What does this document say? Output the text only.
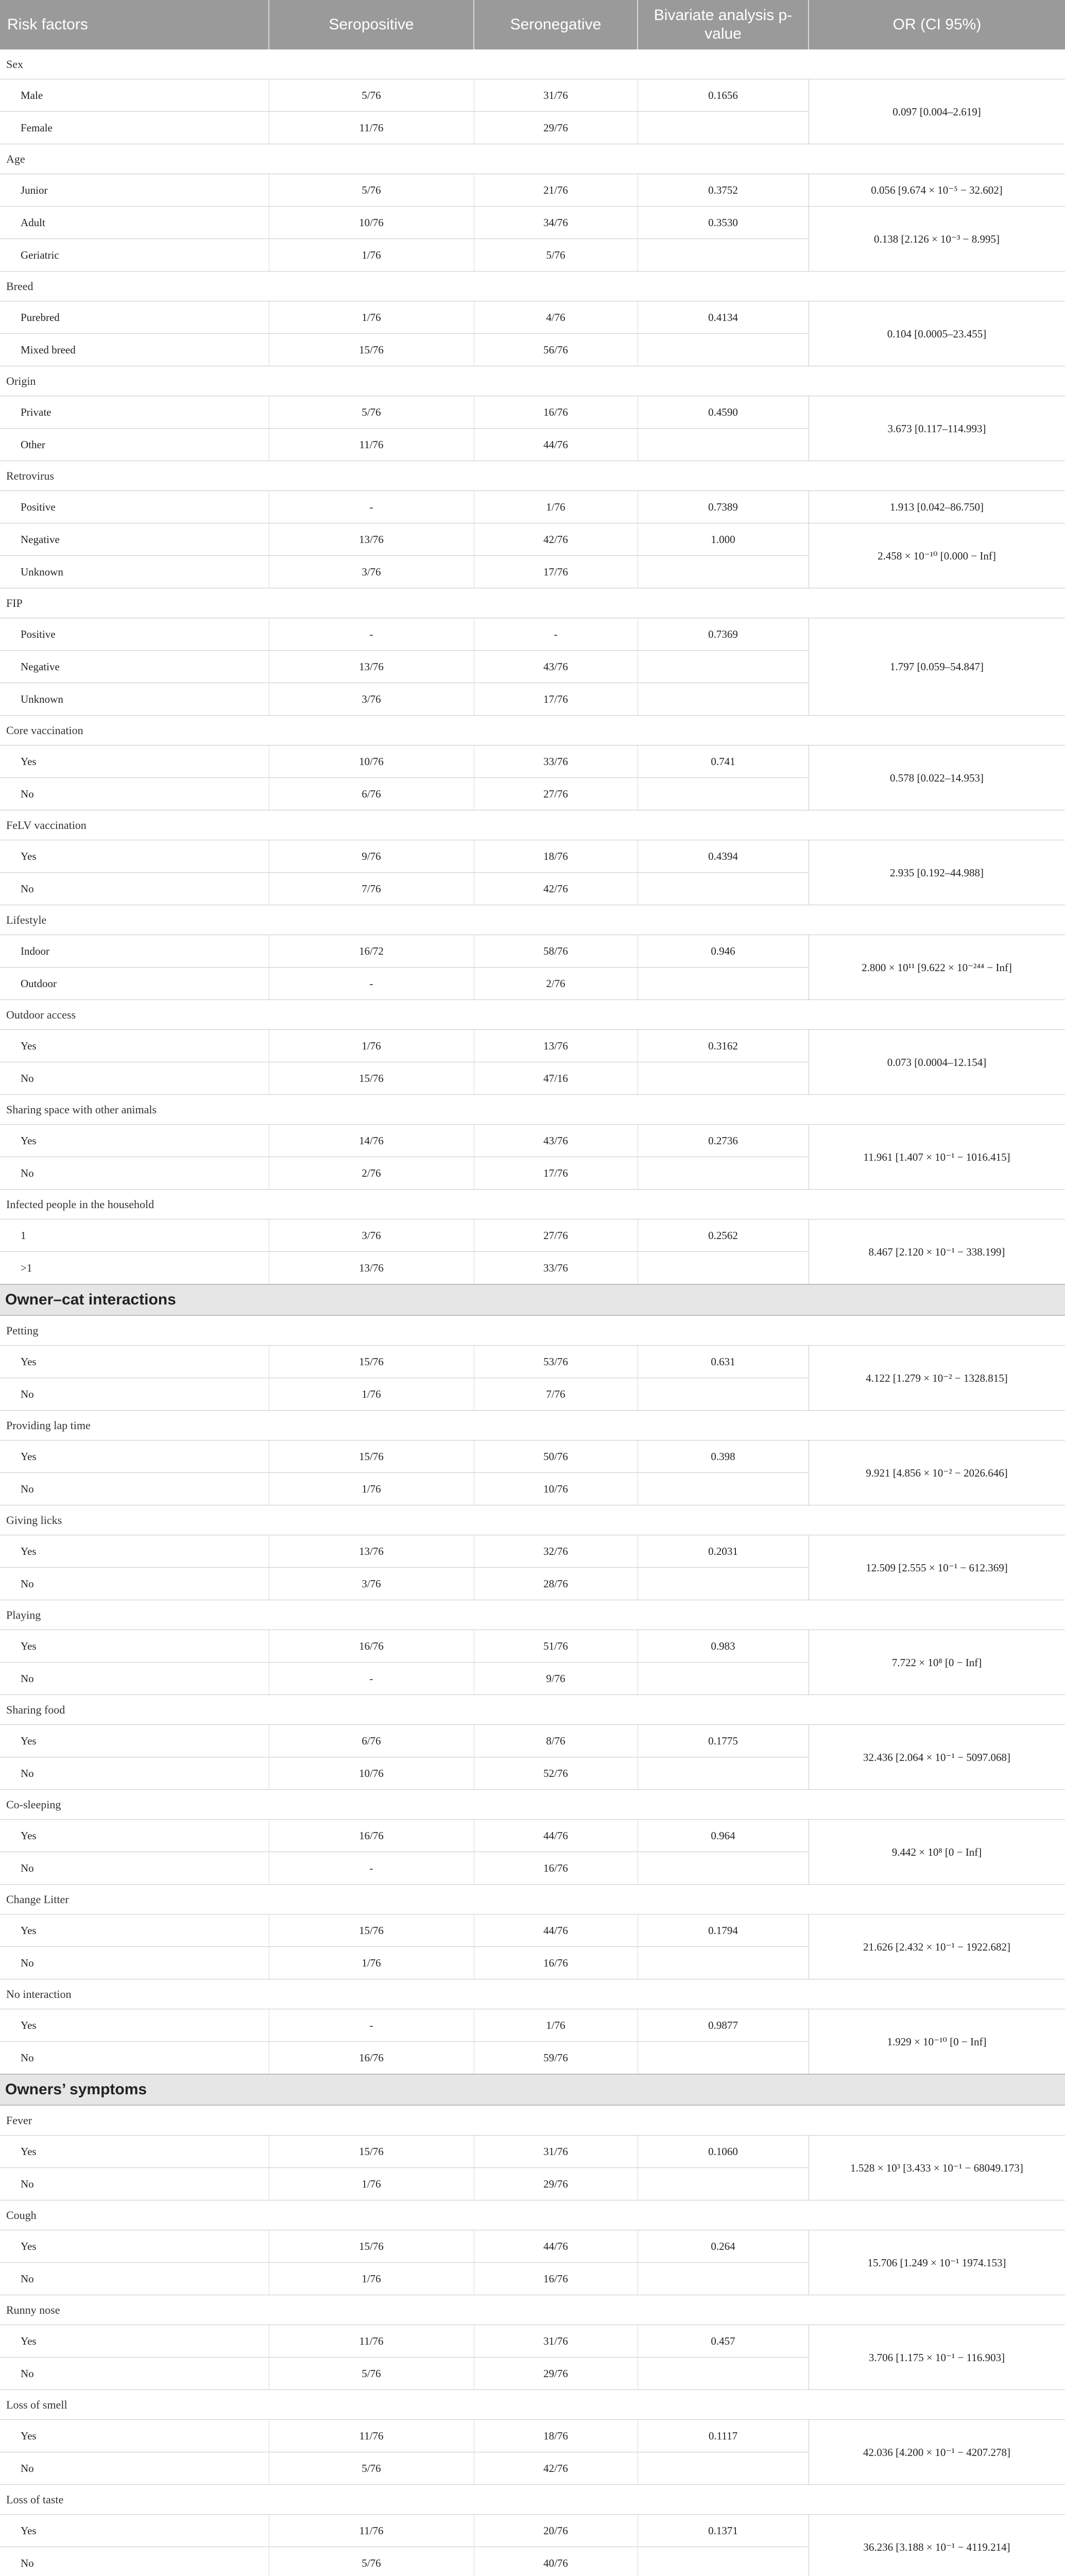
Risk factors	Seropositive	Seronegative	Bivariate analysis p-value	OR (CI 95%)
Sex				
Male	5/76	31/76	0.1656	0.097 [0.004–2.619]
Female	11/76	29/76		
Age				
Junior	5/76	21/76	0.3752	0.056 [9.674 × 10⁻⁵ − 32.602]
Adult	10/76	34/76	0.3530	0.138 [2.126 × 10⁻³ − 8.995]
Geriatric	1/76	5/76		
Breed				
Purebred	1/76	4/76	0.4134	0.104 [0.0005–23.455]
Mixed breed	15/76	56/76		
Origin				
Private	5/76	16/76	0.4590	3.673 [0.117–114.993]
Other	11/76	44/76		
Retrovirus				
Positive	-	1/76	0.7389	1.913 [0.042–86.750]
Negative	13/76	42/76	1.000	2.458 × 10⁻¹⁰ [0.000 − Inf]
Unknown	3/76	17/76		
FIP				
Positive	-	-	0.7369	1.797 [0.059–54.847]
Negative	13/76	43/76		
Unknown	3/76	17/76		
Core vaccination				
Yes	10/76	33/76	0.741	0.578 [0.022–14.953]
No	6/76	27/76		
FeLV vaccination				
Yes	9/76	18/76	0.4394	2.935 [0.192–44.988]
No	7/76	42/76		
Lifestyle				
Indoor	16/72	58/76	0.946	2.800 × 10¹¹ [9.622 × 10⁻²⁴⁴ − Inf]
Outdoor	-	2/76		
Outdoor access				
Yes	1/76	13/76	0.3162	0.073 [0.0004–12.154]
No	15/76	47/16		
Sharing space with other animals				
Yes	14/76	43/76	0.2736	11.961 [1.407 × 10⁻¹ − 1016.415]
No	2/76	17/76		
Infected people in the household				
1	3/76	27/76	0.2562	8.467 [2.120 × 10⁻¹ − 338.199]
>1	13/76	33/76		
Owner–cat interactions				
Petting				
Yes	15/76	53/76	0.631	4.122 [1.279 × 10⁻² − 1328.815]
No	1/76	7/76		
Providing lap time				
Yes	15/76	50/76	0.398	9.921 [4.856 × 10⁻² − 2026.646]
No	1/76	10/76		
Giving licks				
Yes	13/76	32/76	0.2031	12.509 [2.555 × 10⁻¹ − 612.369]
No	3/76	28/76		
Playing				
Yes	16/76	51/76	0.983	7.722 × 10⁸ [0 − Inf]
No	-	9/76		
Sharing food				
Yes	6/76	8/76	0.1775	32.436 [2.064 × 10⁻¹ − 5097.068]
No	10/76	52/76		
Co-sleeping				
Yes	16/76	44/76	0.964	9.442 × 10⁸ [0 − Inf]
No	-	16/76		
Change Litter				
Yes	15/76	44/76	0.1794	21.626 [2.432 × 10⁻¹ − 1922.682]
No	1/76	16/76		
No interaction				
Yes	-	1/76	0.9877	1.929 × 10⁻¹⁰ [0 − Inf]
No	16/76	59/76		
Owners’ symptoms				
Fever				
Yes	15/76	31/76	0.1060	1.528 × 10³ [3.433 × 10⁻¹ − 68049.173]
No	1/76	29/76		
Cough				
Yes	15/76	44/76	0.264	15.706 [1.249 × 10⁻¹ 1974.153]
No	1/76	16/76		
Runny nose				
Yes	11/76	31/76	0.457	3.706 [1.175 × 10⁻¹ − 116.903]
No	5/76	29/76		
Loss of smell				
Yes	11/76	18/76	0.1117	42.036 [4.200 × 10⁻¹ − 4207.278]
No	5/76	42/76		
Loss of taste				
Yes	11/76	20/76	0.1371	36.236 [3.188 × 10⁻¹ − 4119.214]
No	5/76	40/76		
